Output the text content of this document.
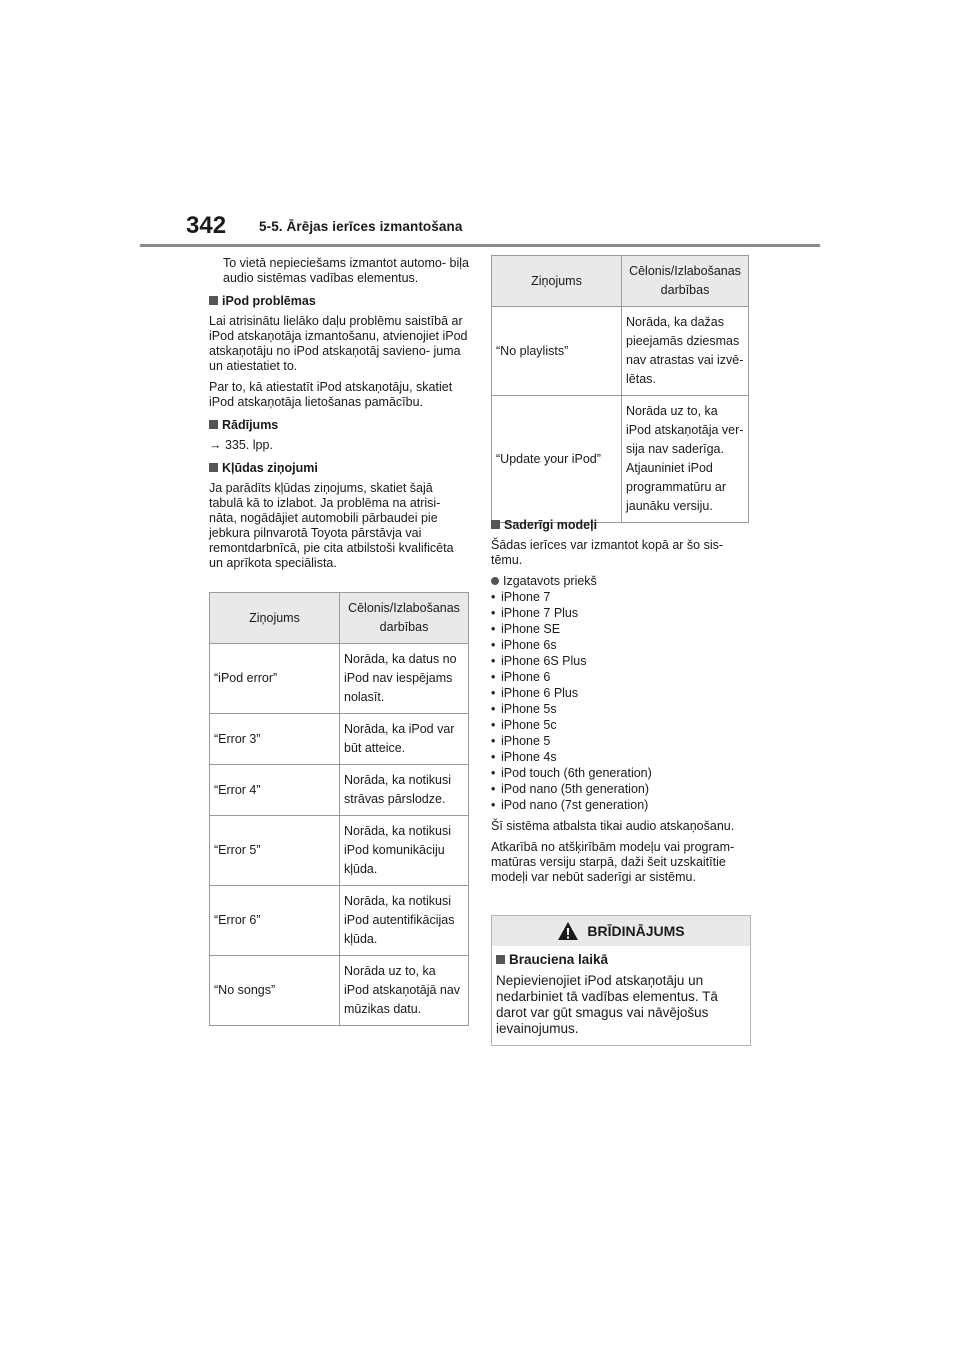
342 5-5. Ārējas ierīces izmantošana

To vietā nepieciešams izmantot automo- biļa audio sistēmas vadības elementus.

iPod problēmas

Lai atrisinātu lielāko daļu problēmu saistībā ar iPod atskaņotāja izmantošanu, atvienojiet iPod atskaņotāju no iPod atskaņotāj savieno- juma un atiestatiet to.

Par to, kā atiestatīt iPod atskaņotāju, skatiet iPod atskaņotāja lietošanas pamācību.

Rādījums

→ 335. lpp.

Kļūdas ziņojumi

Ja parādīts kļūdas ziņojums, skatiet šajā tabulā kā to izlabot. Ja problēma na atrisi- nāta, nogādājiet automobili pārbaudei pie jebkura pilnvarotā Toyota pārstāvja vai remontdarbnīcā, pie cita atbilstoši kvalificēta un aprīkota speciālista.

Ziņojums	Cēlonis/Izlabošanas darbības
“iPod error”	Norāda, ka datus no iPod nav iespējams nolasīt.
“Error 3”	Norāda, ka iPod var būt atteice.
“Error 4”	Norāda, ka notikusi strāvas pārslodze.
“Error 5”	Norāda, ka notikusi iPod komunikāciju kļūda.
“Error 6”	Norāda, ka notikusi iPod autentifikācijas kļūda.
“No songs”	Norāda uz to, ka iPod atskaņotājā nav mūzikas datu.
Ziņojums	Cēlonis/Izlabošanas darbības
“No playlists”	Norāda, ka dažas pieejamās dziesmas nav atrastas vai izvē- lētas.
“Update your iPod”	Norāda uz to, ka iPod atskaņotāja ver- sija nav saderīga. Atjauniniet iPod programmatūru ar jaunāku versiju.
Saderīgi modeļi

Šādas ierīces var izmantot kopā ar šo sis- tēmu.

Izgatavots priekš
• iPhone 7
• iPhone 7 Plus
• iPhone SE
• iPhone 6s
• iPhone 6S Plus
• iPhone 6
• iPhone 6 Plus
• iPhone 5s
• iPhone 5c
• iPhone 5
• iPhone 4s
• iPod touch (6th generation)
• iPod nano (5th generation)
• iPod nano (7st generation)

Šī sistēma atbalsta tikai audio atskaņošanu.

Atkarībā no atšķirībām modeļu vai program- matūras versiju starpā, daži šeit uzskaitītie modeļi var nebūt saderīgi ar sistēmu.

BRĪDINĀJUMS
Brauciena laikā
Nepievienojiet iPod atskaņotāju un nedarbiniet tā vadības elementus. Tā darot var gūt smagus vai nāvējošus ievainojumus.
